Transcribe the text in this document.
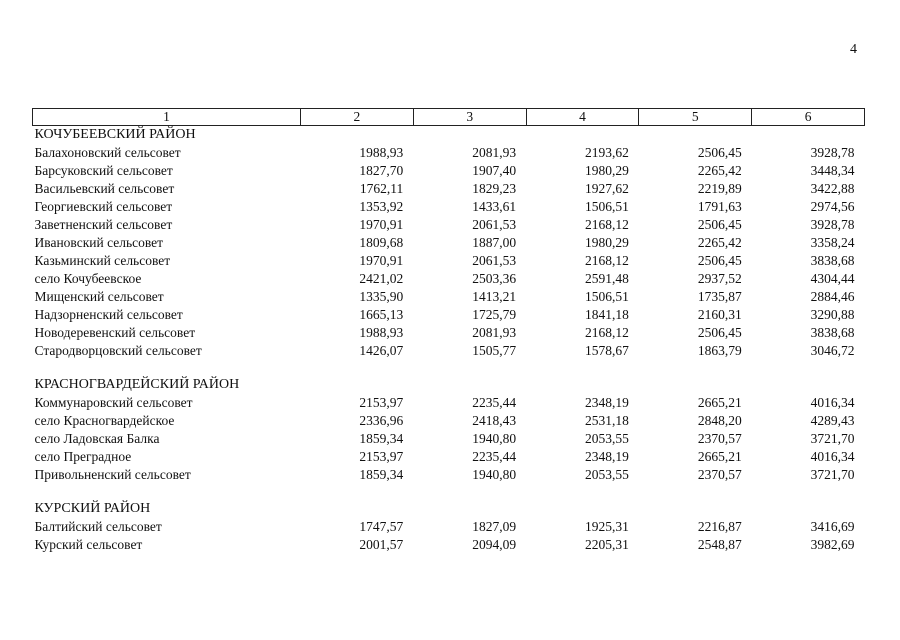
4
1	2	3	4	5	6
КОЧУБЕЕВСКИЙ РАЙОН					
Балахоновский сельсовет	1988,93	2081,93	2193,62	2506,45	3928,78
Барсуковский сельсовет	1827,70	1907,40	1980,29	2265,42	3448,34
Васильевский сельсовет	1762,11	1829,23	1927,62	2219,89	3422,88
Георгиевский сельсовет	1353,92	1433,61	1506,51	1791,63	2974,56
Заветненский сельсовет	1970,91	2061,53	2168,12	2506,45	3928,78
Ивановский сельсовет	1809,68	1887,00	1980,29	2265,42	3358,24
Казьминский сельсовет	1970,91	2061,53	2168,12	2506,45	3838,68
село Кочубеевское	2421,02	2503,36	2591,48	2937,52	4304,44
Мищенский сельсовет	1335,90	1413,21	1506,51	1735,87	2884,46
Надзорненский сельсовет	1665,13	1725,79	1841,18	2160,31	3290,88
Новодеревенский сельсовет	1988,93	2081,93	2168,12	2506,45	3838,68
Стародворцовский сельсовет	1426,07	1505,77	1578,67	1863,79	3046,72

КРАСНОГВАРДЕЙСКИЙ РАЙОН					
Коммунаровский сельсовет	2153,97	2235,44	2348,19	2665,21	4016,34
село Красногвардейское	2336,96	2418,43	2531,18	2848,20	4289,43
село Ладовская Балка	1859,34	1940,80	2053,55	2370,57	3721,70
село Преградное	2153,97	2235,44	2348,19	2665,21	4016,34
Привольненский сельсовет	1859,34	1940,80	2053,55	2370,57	3721,70

КУРСКИЙ РАЙОН					
Балтийский сельсовет	1747,57	1827,09	1925,31	2216,87	3416,69
Курский сельсовет	2001,57	2094,09	2205,31	2548,87	3982,69
